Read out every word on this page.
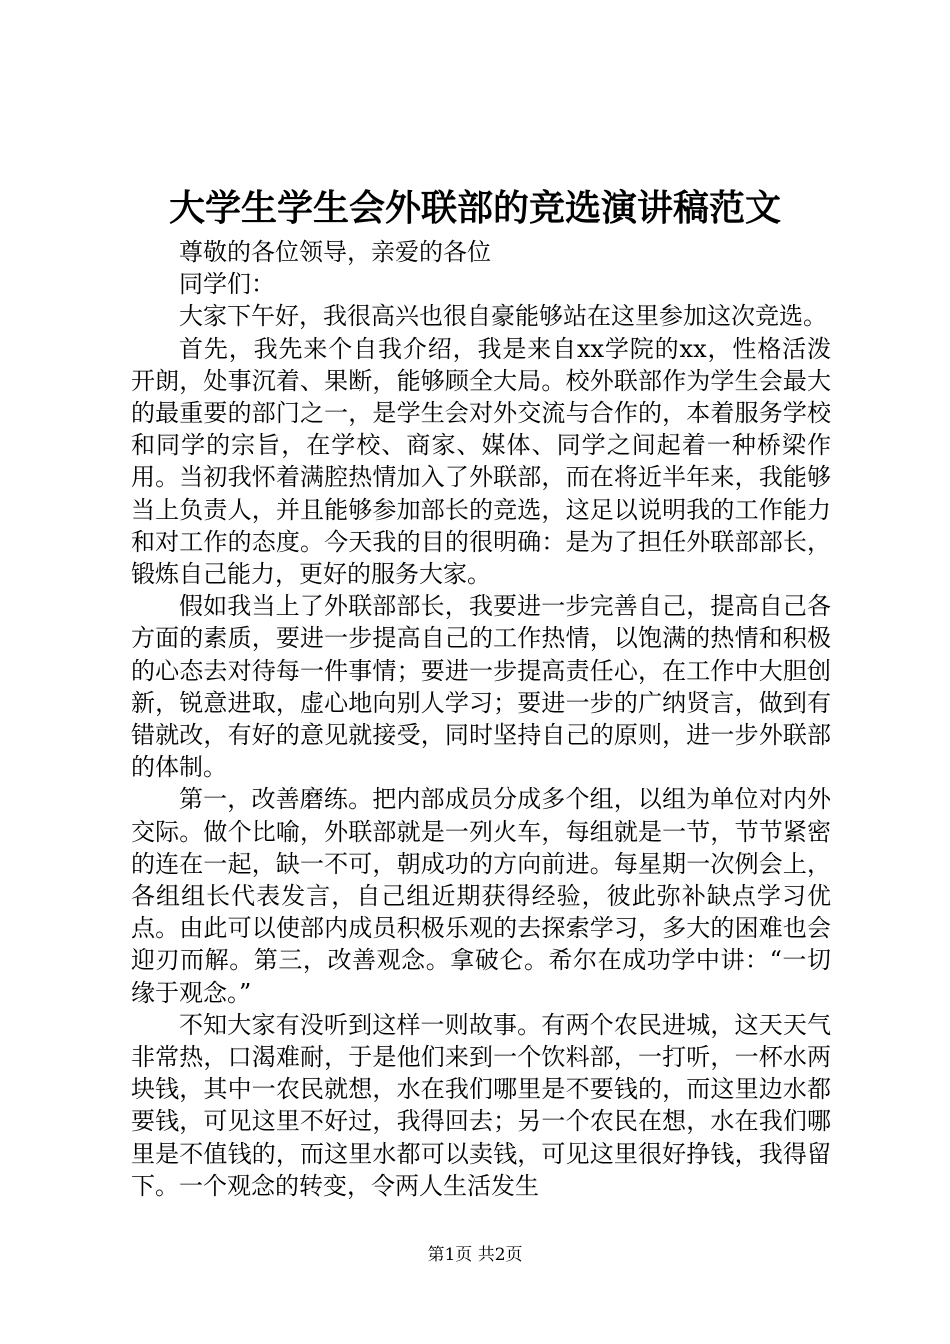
大学生学生会外联部的竞选演讲稿范文

尊敬的各位领导，亲爱的各位

同学们：

大家下午好，我很高兴也很自豪能够站在这里参加这次竞选。

首先，我先来个自我介绍，我是来自xx学院的xx，性格活泼开朗，处事沉着、果断，能够顾全大局。校外联部作为学生会最大的最重要的部门之一，是学生会对外交流与合作的，本着服务学校和同学的宗旨，在学校、商家、媒体、同学之间起着一种桥梁作用。当初我怀着满腔热情加入了外联部，而在将近半年来，我能够当上负责人，并且能够参加部长的竞选，这足以说明我的工作能力和对工作的态度。今天我的目的很明确：是为了担任外联部部长，锻炼自己能力，更好的服务大家。

假如我当上了外联部部长，我要进一步完善自己，提高自己各方面的素质，要进一步提高自己的工作热情，以饱满的热情和积极的心态去对待每一件事情；要进一步提高责任心，在工作中大胆创新，锐意进取，虚心地向别人学习；要进一步的广纳贤言，做到有错就改，有好的意见就接受，同时坚持自己的原则，进一步外联部的体制。

第一，改善磨练。把内部成员分成多个组，以组为单位对内外交际。做个比喻，外联部就是一列火车，每组就是一节，节节紧密的连在一起，缺一不可，朝成功的方向前进。每星期一次例会上，各组组长代表发言，自己组近期获得经验，彼此弥补缺点学习优点。由此可以使部内成员积极乐观的去探索学习，多大的困难也会迎刃而解。第三，改善观念。拿破仑。希尔在成功学中讲：“一切缘于观念。”

不知大家有没听到这样一则故事。有两个农民进城，这天天气非常热，口渴难耐，于是他们来到一个饮料部，一打听，一杯水两块钱，其中一农民就想，水在我们哪里是不要钱的，而这里边水都要钱，可见这里不好过，我得回去；另一个农民在想，水在我们哪里是不值钱的，而这里水都可以卖钱，可见这里很好挣钱，我得留下。一个观念的转变，令两人生活发生

第1页 共2页
